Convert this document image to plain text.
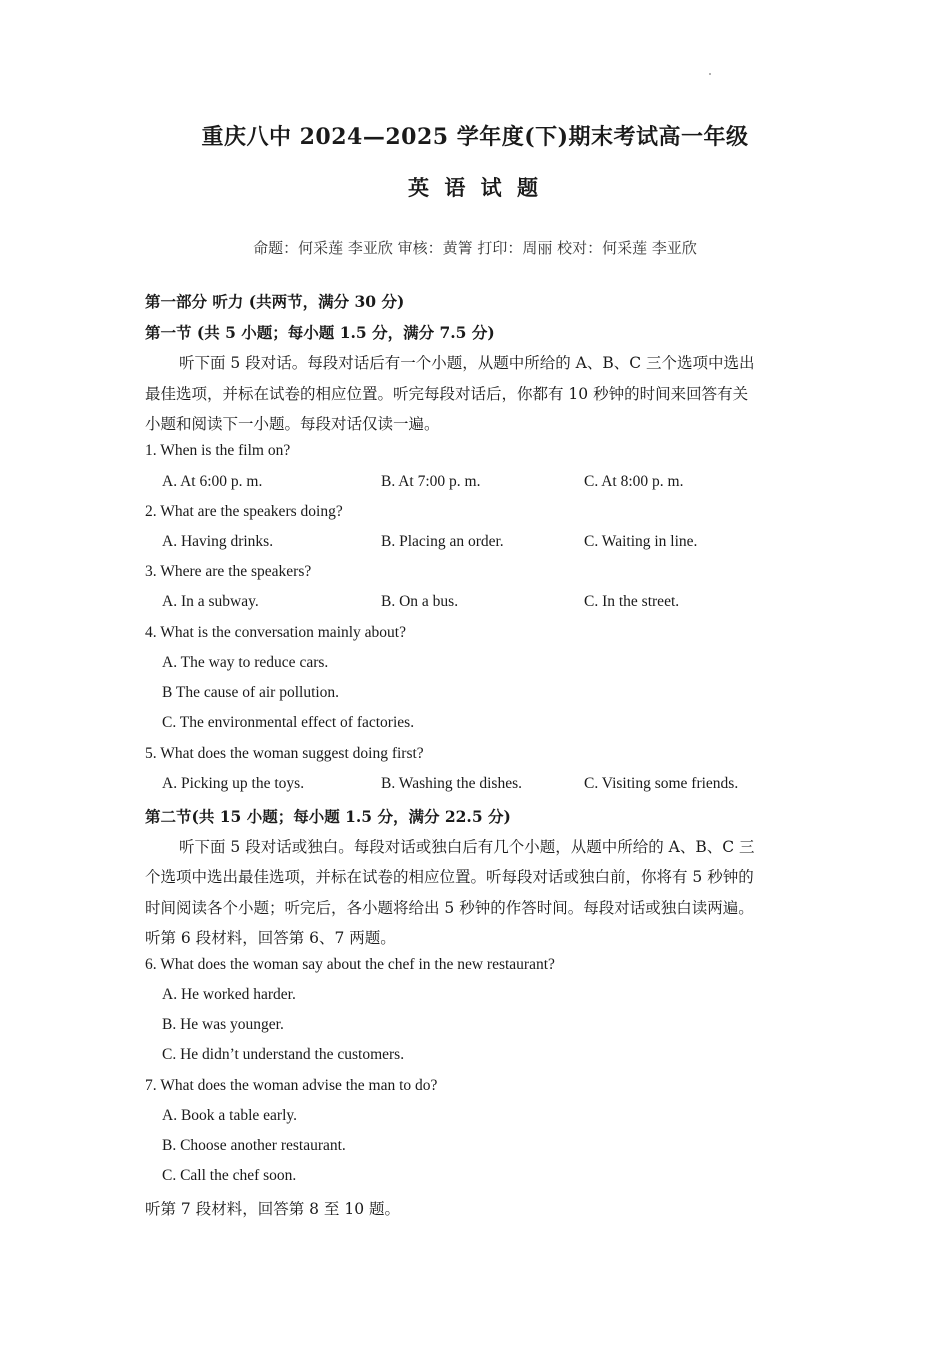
重庆八中 2024—2025 学年度(下)期末考试高一年级
英 语 试 题
命题：何采莲 李亚欣 审核：黄箐 打印：周丽 校对：何采莲 李亚欣
第一部分 听力 (共两节，满分 30 分)
第一节 (共 5 小题；每小题 1.5 分，满分 7.5 分)
听下面 5 段对话。每段对话后有一个小题，从题中所给的 A、B、C 三个选项中选出
最佳选项，并标在试卷的相应位置。听完每段对话后，你都有 10 秒钟的时间来回答有关
小题和阅读下一小题。每段对话仅读一遍。
1. When is the film on?
A. At 6:00 p. m.	B. At 7:00 p. m.	C. At 8:00 p. m.
2. What are the speakers doing?
A. Having drinks.	B. Placing an order.	C. Waiting in line.
3. Where are the speakers?
A. In a subway.	B. On a bus.	C. In the street.
4. What is the conversation mainly about?
A. The way to reduce cars.
B The cause of air pollution.
C. The environmental effect of factories.
5. What does the woman suggest doing first?
A. Picking up the toys.	B. Washing the dishes.	C. Visiting some friends.
第二节(共 15 小题；每小题 1.5 分，满分 22.5 分)
听下面 5 段对话或独白。每段对话或独白后有几个小题，从题中所给的 A、B、C 三
个选项中选出最佳选项，并标在试卷的相应位置。听每段对话或独白前，你将有 5 秒钟的
时间阅读各个小题；听完后，各小题将给出 5 秒钟的作答时间。每段对话或独白读两遍。
听第 6 段材料，回答第 6、7 两题。
6. What does the woman say about the chef in the new restaurant?
A. He worked harder.
B. He was younger.
C. He didn’t understand the customers.
7. What does the woman advise the man to do?
A. Book a table early.
B. Choose another restaurant.
C. Call the chef soon.
听第 7 段材料，回答第 8 至 10 题。
